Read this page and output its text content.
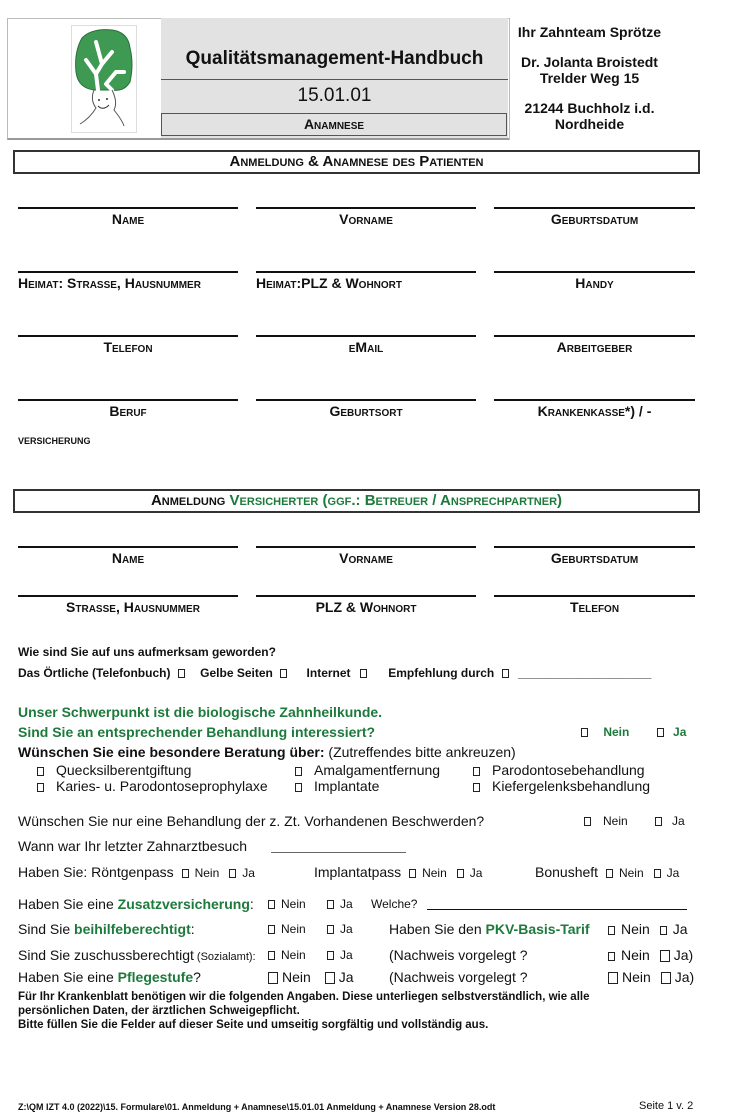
Qualitätsmanagement-Handbuch
15.01.01
Anamnese
Ihr Zahnteam Sprötze
Dr. Jolanta Broistedt
Trelder Weg 15
21244 Buchholz i.d.
Nordheide
Anmeldung & Anamnese des Patienten
Name	Vorname	Geburtsdatum
Heimat: Straße, Hausnummer	Heimat:PLZ & Wohnort	Handy
Telefon	eMail	Arbeitgeber
Beruf	Geburtsort	Krankenkasse*) / -
versicherung
Anmeldung Versicherter (ggf.: Betreuer / Ansprechpartner)
Name	Vorname	Geburtsdatum
Straße, Hausnummer	PLZ & Wohnort	Telefon
Wie sind Sie auf uns aufmerksam geworden?
Das Örtliche (Telefonbuch) Gelbe Seiten	Internet	Empfehlung durch ____________________
Unser Schwerpunkt ist die biologische Zahnheilkunde.
Sind Sie an entsprechender Behandlung interessiert?	Nein	Ja
Wünschen Sie eine besondere Beratung über: (Zutreffendes bitte ankreuzen)
Quecksilberentgiftung	Amalgamentfernung	Parodontosebehandlung
Karies- u. Parodontoseprophylaxe	Implantate	Kiefergelenksbehandlung
Wünschen Sie nur eine Behandlung der z. Zt. Vorhandenen Beschwerden?	Nein	Ja
Wann war Ihr letzter Zahnarztbesuch
Haben Sie: Röntgenpass Nein Ja	Implantatpass Nein Ja	Bonusheft Nein Ja
Haben Sie eine Zusatzversicherung:	Nein	Ja Welche?
Sind Sie beihilfeberechtigt:	Nein	Ja	Haben Sie den PKV-Basis-Tarif	Nein Ja
Sind Sie zuschussberechtigt (Sozialamt):	Nein	Ja	(Nachweis vorgelegt ?	Nein Ja)
Haben Sie eine Pflegestufe?	Nein Ja	(Nachweis vorgelegt ?	Nein Ja)
Für Ihr Krankenblatt benötigen wir die folgenden Angaben. Diese unterliegen selbstverständlich, wie alle
persönlichen Daten, der ärztlichen Schweigepflicht.
Bitte füllen Sie die Felder auf dieser Seite und umseitig sorgfältig und vollständig aus.
Z:\QM IZT 4.0 (2022)\15. Formulare\01. Anmeldung + Anamnese\15.01.01 Anmeldung + Anamnese Version 28.odt	Seite 1 v. 2
